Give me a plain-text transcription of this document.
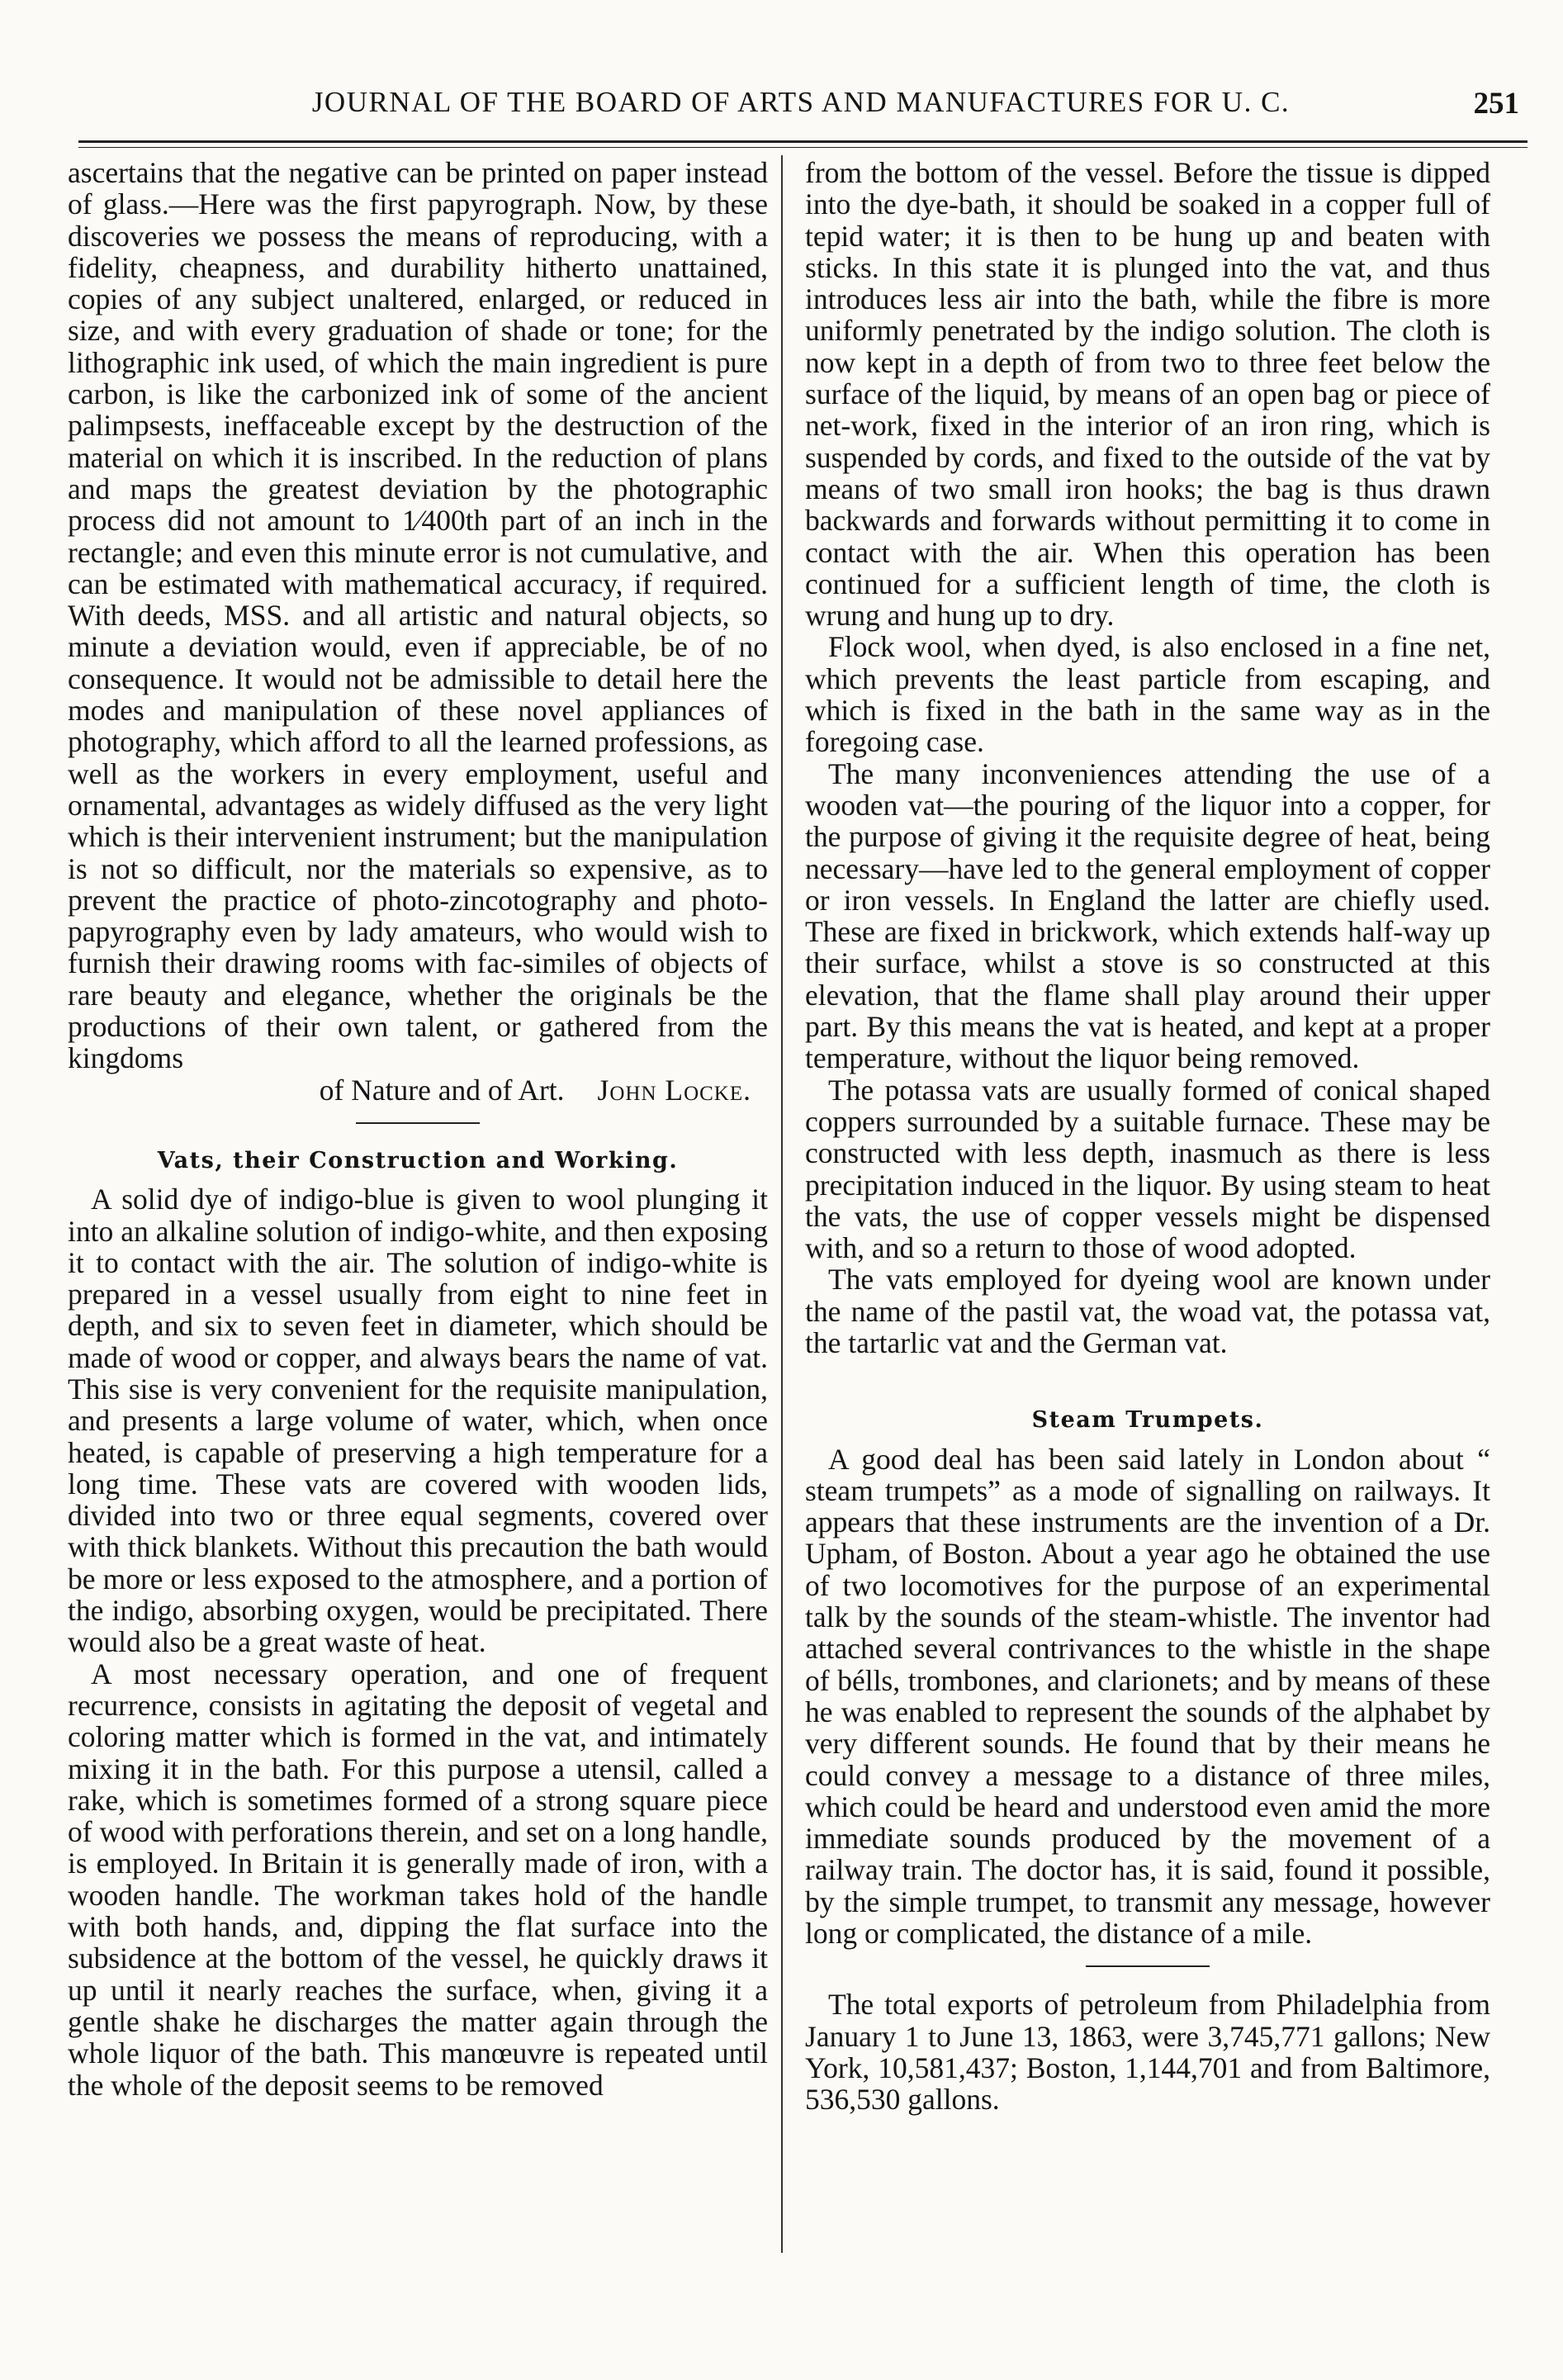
JOURNAL OF THE BOARD OF ARTS AND MANUFACTURES FOR U. C.	251

ascertains that the negative can be printed on paper instead of glass.—Here was the first papyrograph. Now, by these discoveries we possess the means of reproducing, with a fidelity, cheapness, and durability hitherto unattained, copies of any subject unaltered, enlarged, or reduced in size, and with every graduation of shade or tone; for the lithographic ink used, of which the main ingredient is pure carbon, is like the carbonized ink of some of the ancient palimpsests, ineffaceable except by the destruction of the material on which it is inscribed. In the reduction of plans and maps the greatest deviation by the photographic process did not amount to 1⁄400th part of an inch in the rectangle; and even this minute error is not cumulative, and can be estimated with mathematical accuracy, if required. With deeds, MSS. and all artistic and natural objects, so minute a deviation would, even if appreciable, be of no consequence. It would not be admissible to detail here the modes and manipulation of these novel appliances of photography, which afford to all the learned professions, as well as the workers in every employment, useful and ornamental, advantages as widely diffused as the very light which is their intervenient instrument; but the manipulation is not so difficult, nor the materials so expensive, as to prevent the practice of photo-zincotography and photo-papyrography even by lady amateurs, who would wish to furnish their drawing rooms with fac-similes of objects of rare beauty and elegance, whether the originals be the productions of their own talent, or gathered from the kingdoms

of Nature and of Art. John Locke.
Vats, their Construction and Working.

A solid dye of indigo-blue is given to wool plunging it into an alkaline solution of indigo-white, and then exposing it to contact with the air. The solution of indigo-white is prepared in a vessel usually from eight to nine feet in depth, and six to seven feet in diameter, which should be made of wood or copper, and always bears the name of vat. This sise is very convenient for the requisite manipulation, and presents a large volume of water, which, when once heated, is capable of preserving a high temperature for a long time. These vats are covered with wooden lids, divided into two or three equal segments, covered over with thick blankets. Without this precaution the bath would be more or less exposed to the atmosphere, and a portion of the indigo, absorbing oxygen, would be precipitated. There would also be a great waste of heat.

A most necessary operation, and one of frequent recurrence, consists in agitating the deposit of vegetal and coloring matter which is formed in the vat, and intimately mixing it in the bath. For this purpose a utensil, called a rake, which is sometimes formed of a strong square piece of wood with perforations therein, and set on a long handle, is employed. In Britain it is generally made of iron, with a wooden handle. The workman takes hold of the handle with both hands, and, dipping the flat surface into the subsidence at the bottom of the vessel, he quickly draws it up until it nearly reaches the surface, when, giving it a gentle shake he discharges the matter again through the whole liquor of the bath. This manœuvre is repeated until the whole of the deposit seems to be removed

from the bottom of the vessel. Before the tissue is dipped into the dye-bath, it should be soaked in a copper full of tepid water; it is then to be hung up and beaten with sticks. In this state it is plunged into the vat, and thus introduces less air into the bath, while the fibre is more uniformly penetrated by the indigo solution. The cloth is now kept in a depth of from two to three feet below the surface of the liquid, by means of an open bag or piece of net-work, fixed in the interior of an iron ring, which is suspended by cords, and fixed to the outside of the vat by means of two small iron hooks; the bag is thus drawn backwards and forwards without permitting it to come in contact with the air. When this operation has been continued for a sufficient length of time, the cloth is wrung and hung up to dry.

Flock wool, when dyed, is also enclosed in a fine net, which prevents the least particle from escaping, and which is fixed in the bath in the same way as in the foregoing case.

The many inconveniences attending the use of a wooden vat—the pouring of the liquor into a copper, for the purpose of giving it the requisite degree of heat, being necessary—have led to the general employment of copper or iron vessels. In England the latter are chiefly used. These are fixed in brickwork, which extends half-way up their surface, whilst a stove is so constructed at this elevation, that the flame shall play around their upper part. By this means the vat is heated, and kept at a proper temperature, without the liquor being removed.

The potassa vats are usually formed of conical shaped coppers surrounded by a suitable furnace. These may be constructed with less depth, inasmuch as there is less precipitation induced in the liquor. By using steam to heat the vats, the use of copper vessels might be dispensed with, and so a return to those of wood adopted.

The vats employed for dyeing wool are known under the name of the pastil vat, the woad vat, the potassa vat, the tartarlic vat and the German vat.

Steam Trumpets.

A good deal has been said lately in London about “ steam trumpets” as a mode of signalling on railways. It appears that these instruments are the invention of a Dr. Upham, of Boston. About a year ago he obtained the use of two locomotives for the purpose of an experimental talk by the sounds of the steam-whistle. The inventor had attached several contrivances to the whistle in the shape of bélls, trombones, and clarionets; and by means of these he was enabled to represent the sounds of the alphabet by very different sounds. He found that by their means he could convey a message to a distance of three miles, which could be heard and understood even amid the more immediate sounds produced by the movement of a railway train. The doctor has, it is said, found it possible, by the simple trumpet, to transmit any message, however long or complicated, the distance of a mile.

The total exports of petroleum from Philadelphia from January 1 to June 13, 1863, were 3,745,771 gallons; New York, 10,581,437; Boston, 1,144,701 and from Baltimore, 536,530 gallons.
